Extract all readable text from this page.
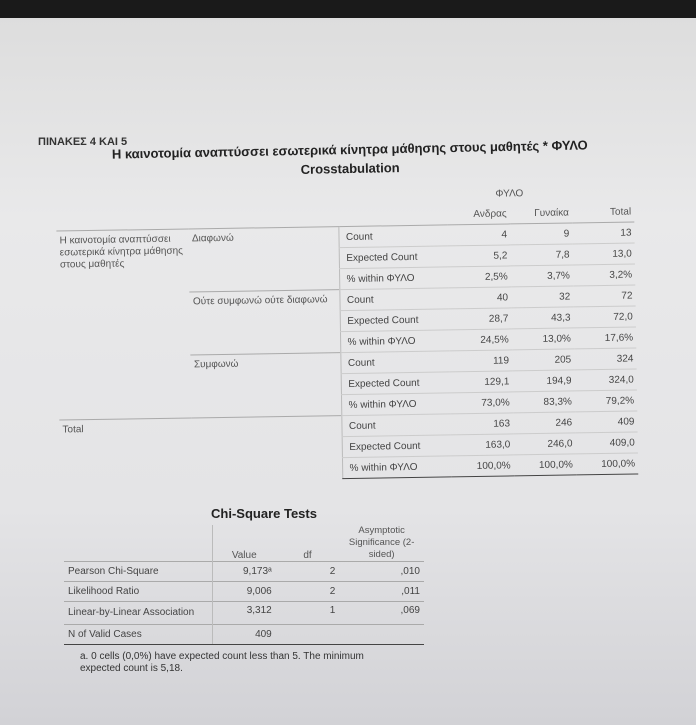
ΠΙΝΑΚΕΣ 4 ΚΑΙ 5
Η καινοτομία αναπτύσσει εσωτερικά κίνητρα μάθησης στους μαθητές * ΦΥΛΟ
Crosstabulation
			ΦΥΛΟ		
			Ανδρας	Γυναίκα	Total
Η καινοτομία αναπτύσσει εσωτερικά κίνητρα μάθησης στους μαθητές	Διαφωνώ	Count	4	9	13
		Expected Count	5,2	7,8	13,0
		% within ΦΥΛΟ	2,5%	3,7%	3,2%
	Ούτε συμφωνώ ούτε διαφωνώ	Count	40	32	72
		Expected Count	28,7	43,3	72,0
		% within ΦΥΛΟ	24,5%	13,0%	17,6%
	Συμφωνώ	Count	119	205	324
		Expected Count	129,1	194,9	324,0
		% within ΦΥΛΟ	73,0%	83,3%	79,2%
Total		Count	163	246	409
		Expected Count	163,0	246,0	409,0
		% within ΦΥΛΟ	100,0%	100,0%	100,0%
Chi-Square Tests
	Value	df	Asymptotic Significance (2-sided)
Pearson Chi-Square	9,173ᵃ	2	,010
Likelihood Ratio	9,006	2	,011
Linear-by-Linear Association	3,312	1	,069
N of Valid Cases	409		
a. 0 cells (0,0%) have expected count less than 5. The minimum expected count is 5,18.
